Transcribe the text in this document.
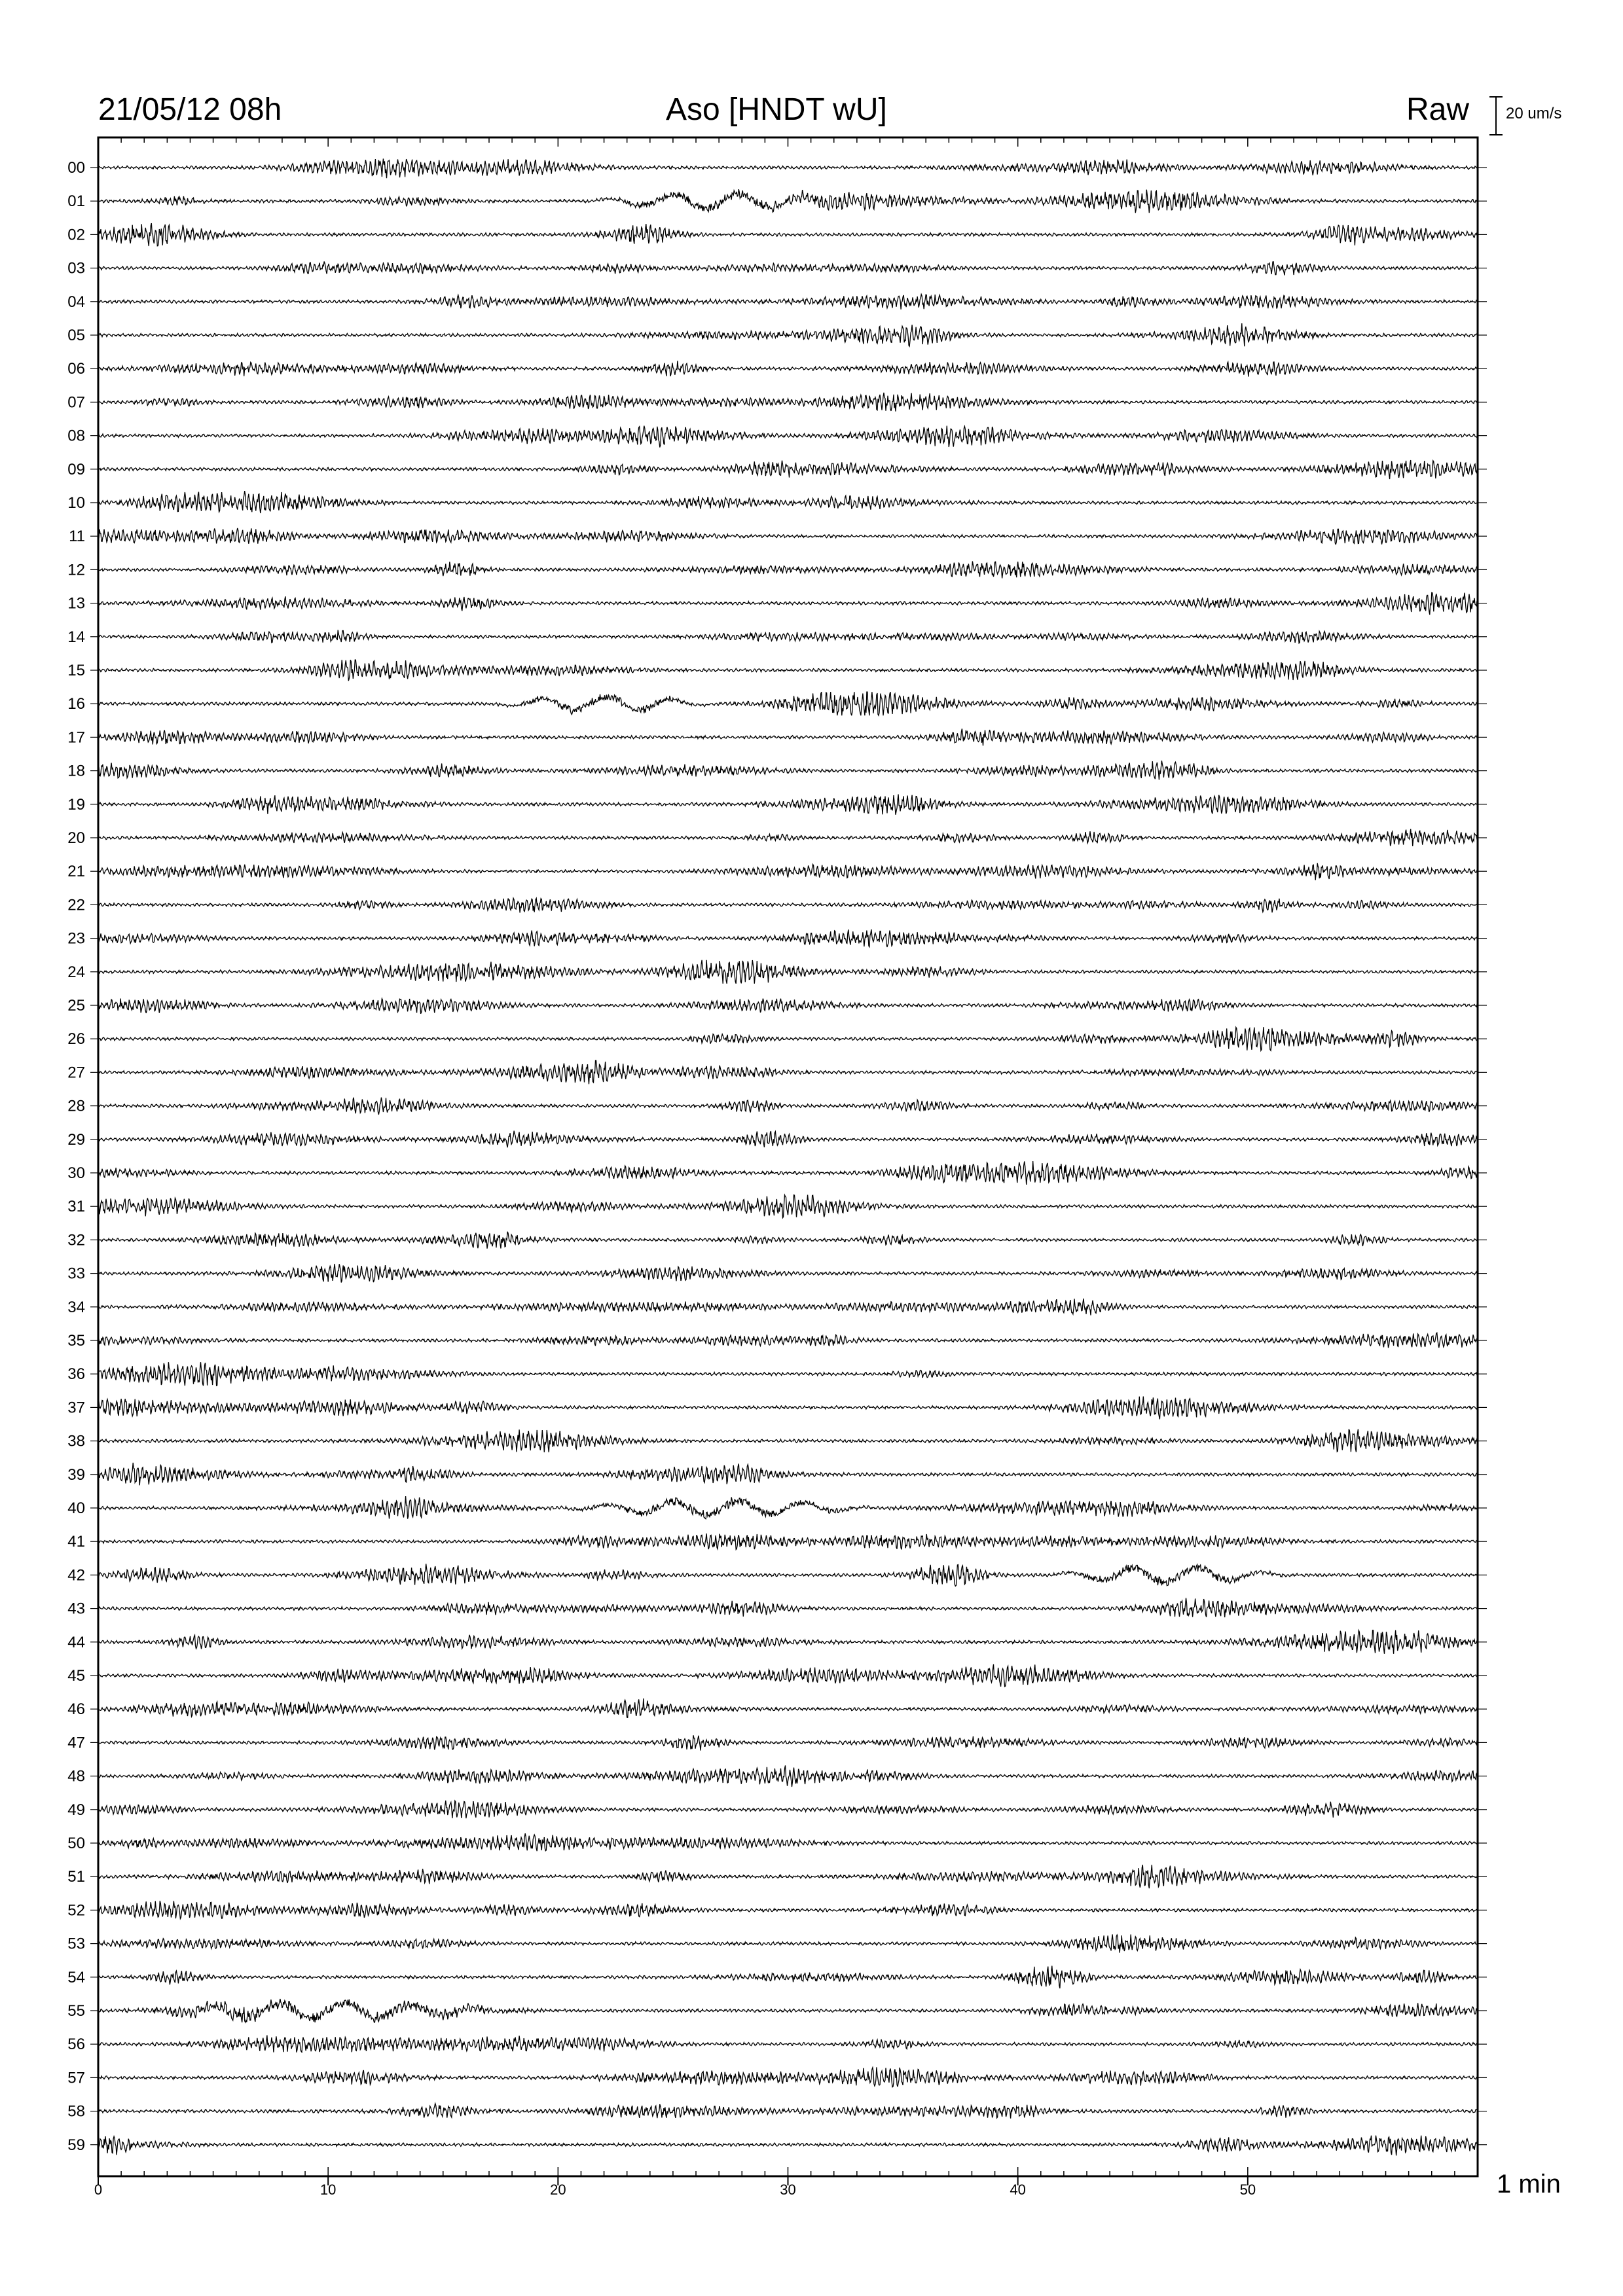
21/05/12 08h	Aso [HNDT wU]	Raw 20 um/s
1 min
00
01
02
03
04
05
06
07
08
09
10
11
12
13
14
15
16
17
18
19
20
21
22
23
24
25
26
27
28
29
30
31
32
33
34
35
36
37
38
39
40
41
42
43
44
45
46
47
48
49
50
51
52
53
54
55
56
57
58
59
0	10	20	30	40	50
